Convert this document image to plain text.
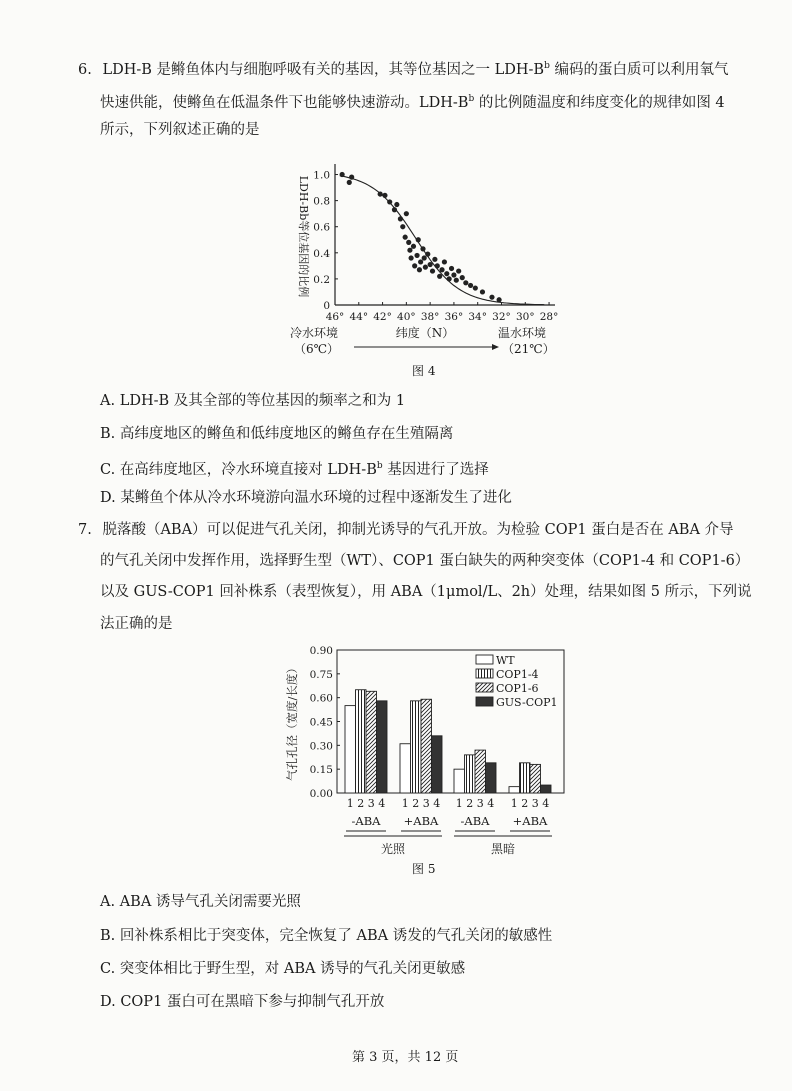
6. LDH-B 是鳉鱼体内与细胞呼吸有关的基因，其等位基因之一 LDH-$B^b$ 编码的蛋白质可以利用氧气
快速供能，使鳉鱼在低温条件下也能够快速游动。LDH-$B^b$ 的比例随温度和纬度变化的规律如图 4
所示，下列叙述正确的是
46° 44° 42° 40° 38° 36° 34° 32° 30° 28°
0
0.2
0.4
0.6
0.8
1.0
LDH-Bb等位基因的比例
冷水环境
（6℃）
温水环境
（21℃）
纬度（N）
图 4
A. LDH-B 及其全部的等位基因的频率之和为 1
B. 高纬度地区的鳉鱼和低纬度地区的鳉鱼存在生殖隔离
C. 在高纬度地区，冷水环境直接对 LDH-$B^b$ 基因进行了选择
D. 某鳉鱼个体从冷水环境游向温水环境的过程中逐渐发生了进化
7. 脱落酸（ABA）可以促进气孔关闭，抑制光诱导的气孔开放。为检验 COP1 蛋白是否在 ABA 介导
的气孔关闭中发挥作用，选择野生型（WT）、COP1 蛋白缺失的两种突变体（COP1-4 和 COP1-6）
以及 GUS-COP1 回补株系（表型恢复），用 ABA（1μmol/L、2h）处理，结果如图 5 所示，下列说
法正确的是
0.00
0.15
0.30
0.45
0.60
0.75
0.90
气孔孔径（宽度/长度）
1 2 3 4
-ABA
1 2 3 4
+ABA
1 2 3 4
-ABA
1 2 3 4
+ABA
光照	黑暗
WT
COP1-4
COP1-6
GUS-COP1
图 5
A. ABA 诱导气孔关闭需要光照
B. 回补株系相比于突变体，完全恢复了 ABA 诱发的气孔关闭的敏感性
C. 突变体相比于野生型，对 ABA 诱导的气孔关闭更敏感
D. COP1 蛋白可在黑暗下参与抑制气孔开放
第 3 页，共 12 页
